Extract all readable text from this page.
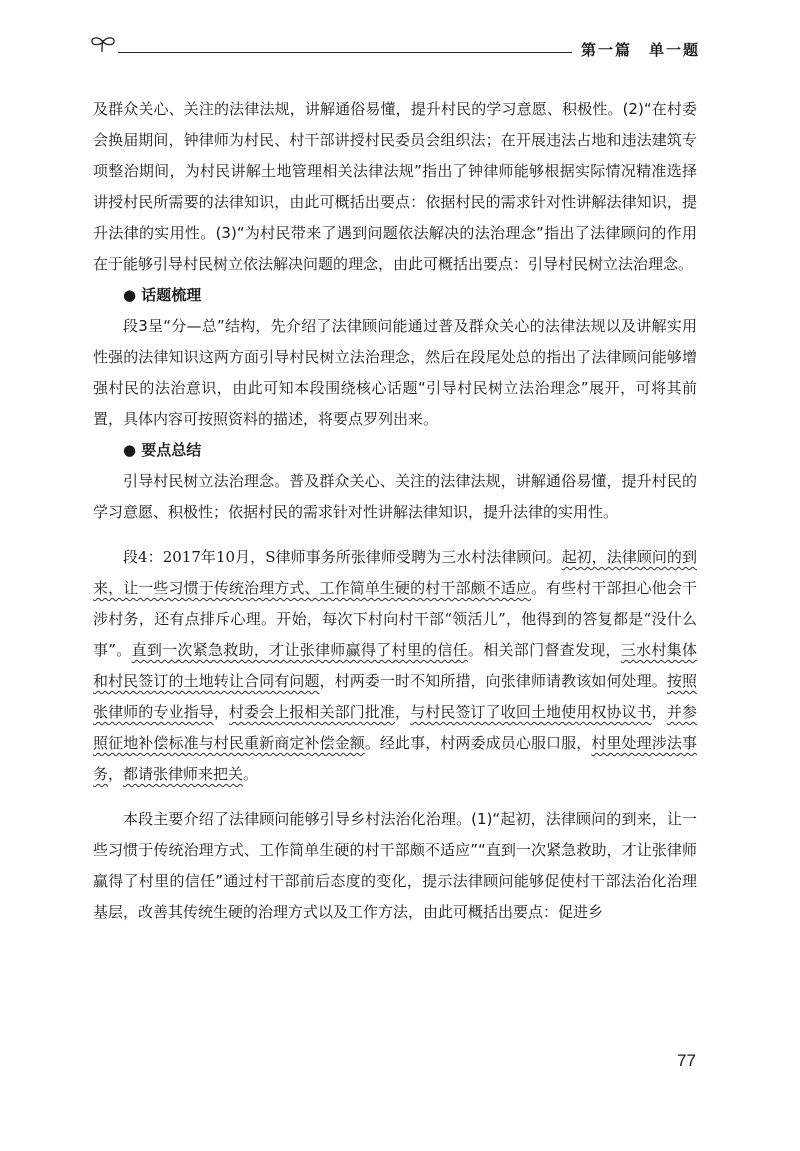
第一篇　单一题

及群众关心、关注的法律法规，讲解通俗易懂，提升村民的学习意愿、积极性。(2)“在村委会换届期间，钟律师为村民、村干部讲授村民委员会组织法；在开展违法占地和违法建筑专项整治期间，为村民讲解土地管理相关法律法规”指出了钟律师能够根据实际情况精准选择讲授村民所需要的法律知识，由此可概括出要点：依据村民的需求针对性讲解法律知识，提升法律的实用性。(3)“为村民带来了遇到问题依法解决的法治理念”指出了法律顾问的作用在于能够引导村民树立依法解决问题的理念，由此可概括出要点：引导村民树立法治理念。

● 话题梳理

段3呈“分—总”结构，先介绍了法律顾问能通过普及群众关心的法律法规以及讲解实用性强的法律知识这两方面引导村民树立法治理念，然后在段尾处总的指出了法律顾问能够增强村民的法治意识，由此可知本段围绕核心话题“引导村民树立法治理念”展开，可将其前置，具体内容可按照资料的描述，将要点罗列出来。

● 要点总结

引导村民树立法治理念。普及群众关心、关注的法律法规，讲解通俗易懂，提升村民的学习意愿、积极性；依据村民的需求针对性讲解法律知识，提升法律的实用性。

段4：2017年10月，S律师事务所张律师受聘为三水村法律顾问。起初，法律顾问的到来，让一些习惯于传统治理方式、工作简单生硬的村干部颇不适应。有些村干部担心他会干涉村务，还有点排斥心理。开始，每次下村向村干部“领活儿”，他得到的答复都是“没什么事”。直到一次紧急救助，才让张律师赢得了村里的信任。相关部门督查发现，三水村集体和村民签订的土地转让合同有问题，村两委一时不知所措，向张律师请教该如何处理。按照张律师的专业指导，村委会上报相关部门批准，与村民签订了收回土地使用权协议书，并参照征地补偿标准与村民重新商定补偿金额。经此事，村两委成员心服口服，村里处理涉法事务，都请张律师来把关。

本段主要介绍了法律顾问能够引导乡村法治化治理。(1)“起初，法律顾问的到来，让一些习惯于传统治理方式、工作简单生硬的村干部颇不适应”“直到一次紧急救助，才让张律师赢得了村里的信任”通过村干部前后态度的变化，提示法律顾问能够促使村干部法治化治理基层，改善其传统生硬的治理方式以及工作方法，由此可概括出要点：促进乡

77
